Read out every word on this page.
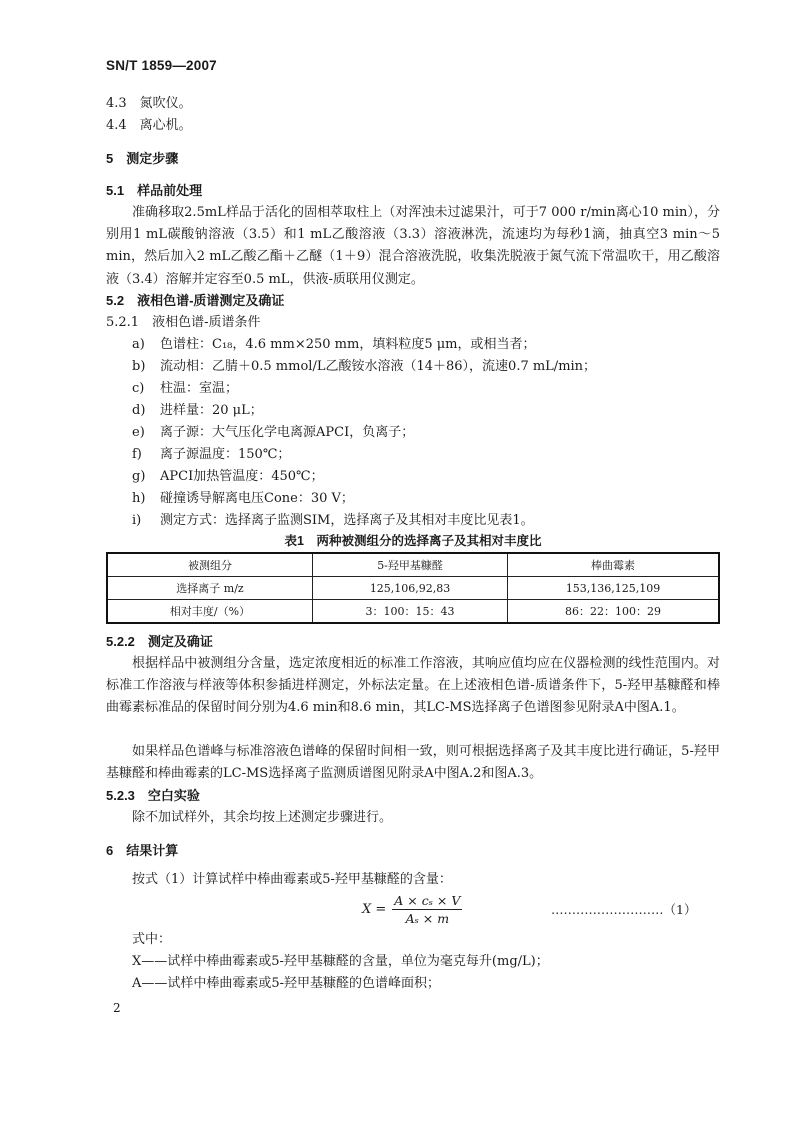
SN/T 1859—2007
4.3　氮吹仪。
4.4　离心机。
5　测定步骤
5.1　样品前处理
准确移取2.5mL样品于活化的固相萃取柱上（对浑浊未过滤果汁，可于7 000 r/min离心10 min），分别用1 mL碳酸钠溶液（3.5）和1 mL乙酸溶液（3.3）溶液淋洗，流速均为每秒1滴，抽真空3 min～5 min，然后加入2 mL乙酸乙酯＋乙醚（1＋9）混合溶液洗脱，收集洗脱液于氮气流下常温吹干，用乙酸溶液（3.4）溶解并定容至0.5 mL，供液-质联用仪测定。
5.2　液相色谱-质谱测定及确证
5.2.1　液相色谱-质谱条件
a) 色谱柱：C₁₈，4.6 mm×250 mm，填料粒度5 μm，或相当者；
b) 流动相：乙腈＋0.5 mmol/L乙酸铵水溶液（14＋86），流速0.7 mL/min；
c) 柱温：室温；
d) 进样量：20 μL；
e) 离子源：大气压化学电离源APCI，负离子；
f) 离子源温度：150℃；
g) APCI加热管温度：450℃；
h) 碰撞诱导解离电压Cone：30 V；
i) 测定方式：选择离子监测SIM，选择离子及其相对丰度比见表1。
表1　两种被测组分的选择离子及其相对丰度比
被测组分	5-羟甲基糠醛	棒曲霉素
选择离子 m/z	125,106,92,83	153,136,125,109
相对丰度/（%）	3：100：15：43	86：22：100：29
5.2.2　测定及确证
根据样品中被测组分含量，选定浓度相近的标准工作溶液，其响应值均应在仪器检测的线性范围内。对标准工作溶液与样液等体积参插进样测定，外标法定量。在上述液相色谱-质谱条件下，5-羟甲基糠醛和棒曲霉素标准品的保留时间分别为4.6 min和8.6 min，其LC-MS选择离子色谱图参见附录A中图A.1。
如果样品色谱峰与标准溶液色谱峰的保留时间相一致，则可根据选择离子及其丰度比进行确证，5-羟甲基糠醛和棒曲霉素的LC-MS选择离子监测质谱图见附录A中图A.2和图A.3。
5.2.3　空白实验
除不加试样外，其余均按上述测定步骤进行。
6　结果计算
按式（1）计算试样中棒曲霉素或5-羟甲基糠醛的含量：
$X = \frac{\text{A × cₛ × V}}{\text{Aₛ × m}}$	………………………（1）
式中：
X——试样中棒曲霉素或5-羟甲基糠醛的含量，单位为毫克每升(mg/L)；
A——试样中棒曲霉素或5-羟甲基糠醛的色谱峰面积；
2
